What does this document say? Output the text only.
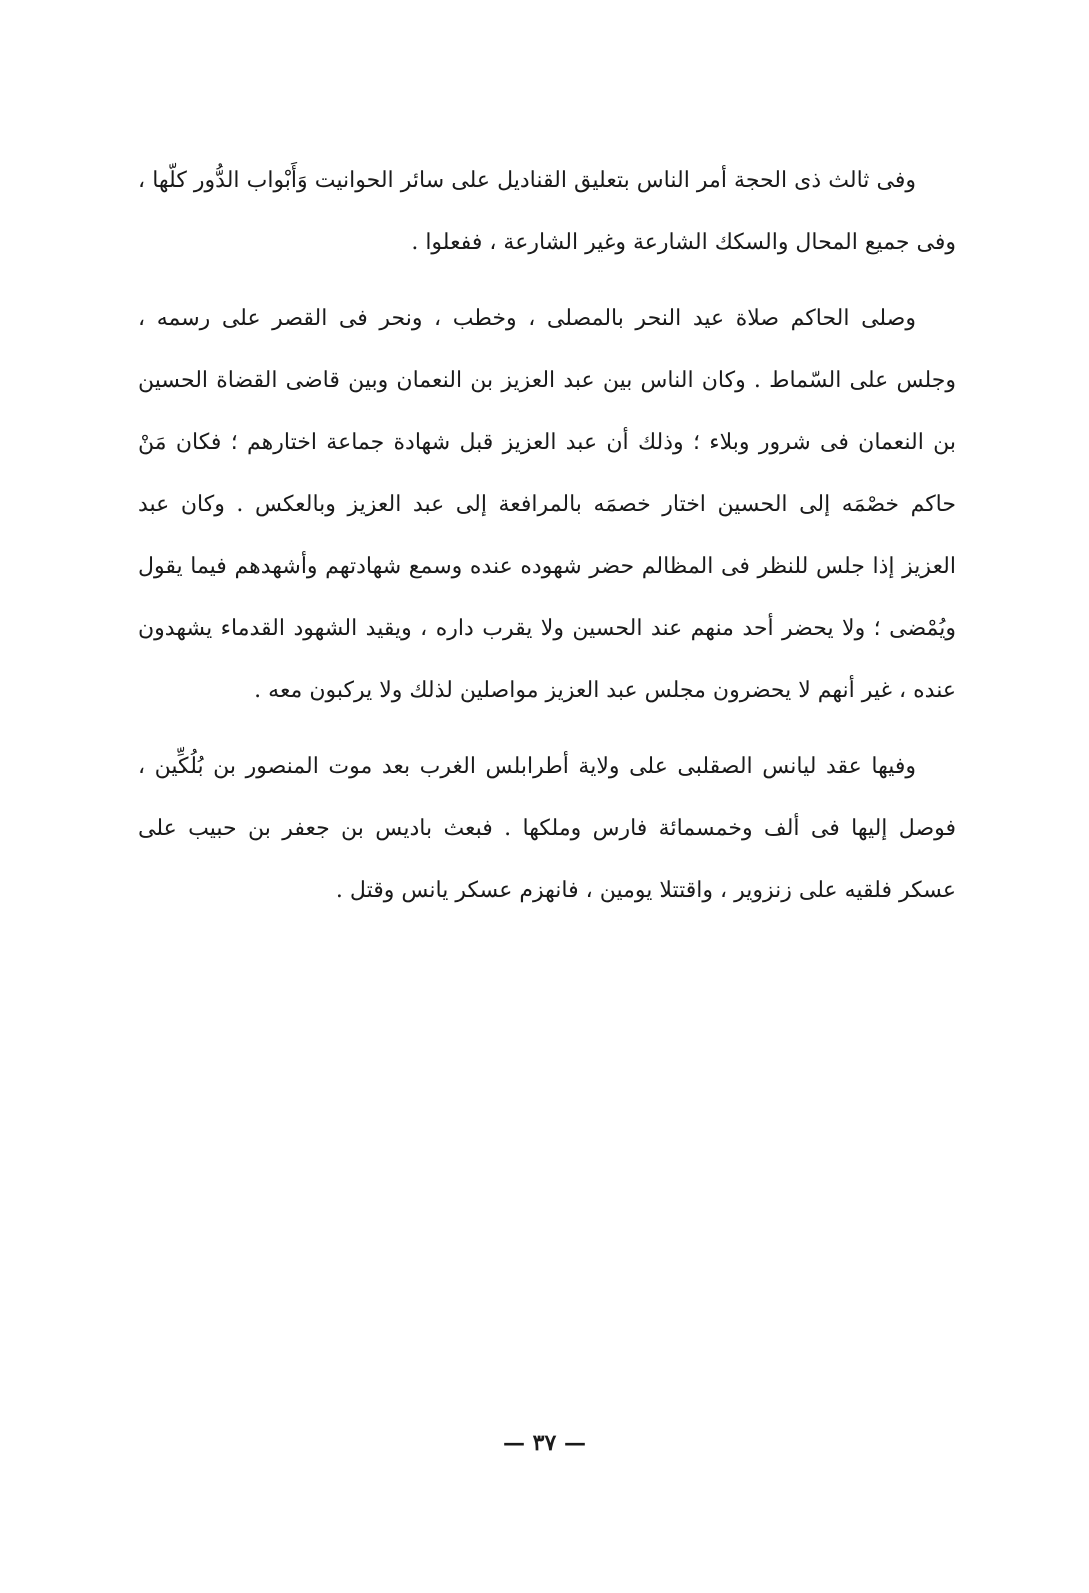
وفى ثالث ذى الحجة أمر الناس بتعليق القناديل على سائر الحوانيت وَأَبْواب الدُّور كلّها ، وفى جميع المحال والسكك الشارعة وغير الشارعة ، ففعلوا .

وصلى الحاكم صلاة عيد النحر بالمصلى ، وخطب ، ونحر فى القصر على رسمه ، وجلس على السّماط . وكان الناس بين عبد العزيز بن النعمان وبين قاضى القضاة الحسين بن النعمان فى شرور وبلاء ؛ وذلك أن عبد العزيز قبل شهادة جماعة اختارهم ؛ فكان مَنْ حاكم خصْمَه إلى الحسين اختار خصمَه بالمرافعة إلى عبد العزيز وبالعكس . وكان عبد العزيز إذا جلس للنظر فى المظالم حضر شهوده عنده وسمع شهادتهم وأشهدهم فيما يقول ويُمْضى ؛ ولا يحضر أحد منهم عند الحسين ولا يقرب داره ، ويقيد الشهود القدماء يشهدون عنده ، غير أنهم لا يحضرون مجلس عبد العزيز مواصلين لذلك ولا يركبون معه .

وفيها عقد ليانس الصقلبى على ولاية أطرابلس الغرب بعد موت المنصور بن بُلُكِّين ، فوصل إليها فى ألف وخمسمائة فارس وملكها . فبعث باديس بن جعفر بن حبيب على عسكر فلقيه على زنزوير ، واقتتلا يومين ، فانهزم عسكر يانس وقتل .

— ٣٧ —
